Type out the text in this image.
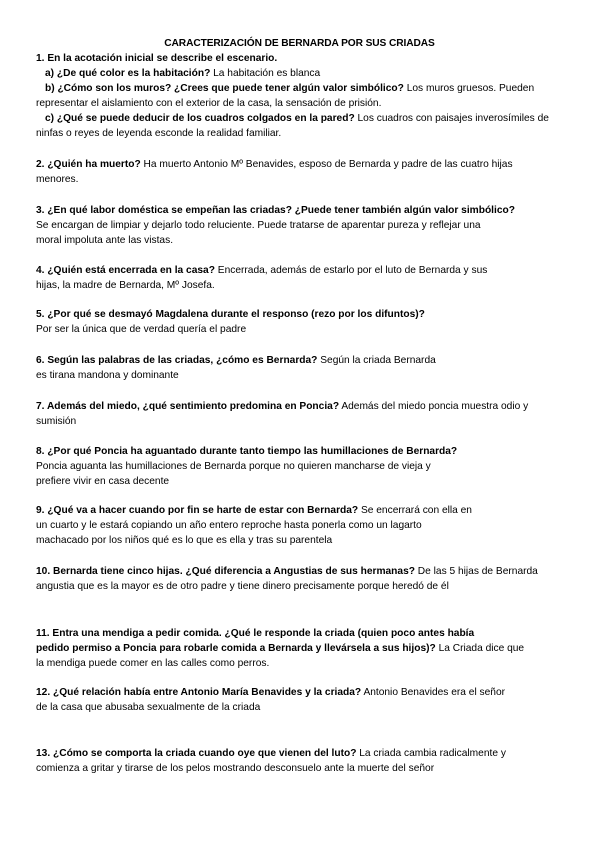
CARACTERIZACIÓN DE BERNARDA POR SUS CRIADAS
1. En la acotación inicial se describe el escenario.
a) ¿De qué color es la habitación? La habitación es blanca
b) ¿Cómo son los muros? ¿Crees que puede tener algún valor simbólico? Los muros gruesos. Pueden
representar el aislamiento con el exterior de la casa, la sensación de prisión.
c) ¿Qué se puede deducir de los cuadros colgados en la pared? Los cuadros con paisajes inverosímiles de
ninfas o reyes de leyenda esconde la realidad familiar.
2. ¿Quién ha muerto? Ha muerto Antonio Mº Benavides, esposo de Bernarda y padre de las cuatro hijas
menores.
3. ¿En qué labor doméstica se empeñan las criadas? ¿Puede tener también algún valor simbólico?
Se encargan de limpiar y dejarlo todo reluciente. Puede tratarse de aparentar pureza y reflejar una
moral impoluta ante las vistas.
4. ¿Quién está encerrada en la casa? Encerrada, además de estarlo por el luto de Bernarda y sus
hijas, la madre de Bernarda, Mº Josefa.
5. ¿Por qué se desmayó Magdalena durante el responso (rezo por los difuntos)?
Por ser la única que de verdad quería el padre
6. Según las palabras de las criadas, ¿cómo es Bernarda? Según la criada Bernarda
es tirana mandona y dominante
7. Además del miedo, ¿qué sentimiento predomina en Poncia? Además del miedo poncia muestra odio y
sumisión
8. ¿Por qué Poncia ha aguantado durante tanto tiempo las humillaciones de Bernarda?
Poncia aguanta las humillaciones de Bernarda porque no quieren mancharse de vieja y
prefiere vivir en casa decente
9. ¿Qué va a hacer cuando por fin se harte de estar con Bernarda? Se encerrará con ella en
un cuarto y le estará copiando un año entero reproche hasta ponerla como un lagarto
machacado por los niños qué es lo que es ella y tras su parentela
10. Bernarda tiene cinco hijas. ¿Qué diferencia a Angustias de sus hermanas? De las 5 hijas de Bernarda
angustia que es la mayor es de otro padre y tiene dinero precisamente porque heredó de él
11. Entra una mendiga a pedir comida. ¿Qué le responde la criada (quien poco antes había
pedido permiso a Poncia para robarle comida a Bernarda y llevársela a sus hijos)? La Criada dice que
la mendiga puede comer en las calles como perros.
12. ¿Qué relación había entre Antonio María Benavides y la criada? Antonio Benavides era el señor
de la casa que abusaba sexualmente de la criada
13. ¿Cómo se comporta la criada cuando oye que vienen del luto? La criada cambia radicalmente y
comienza a gritar y tirarse de los pelos mostrando desconsuelo ante la muerte del señor
